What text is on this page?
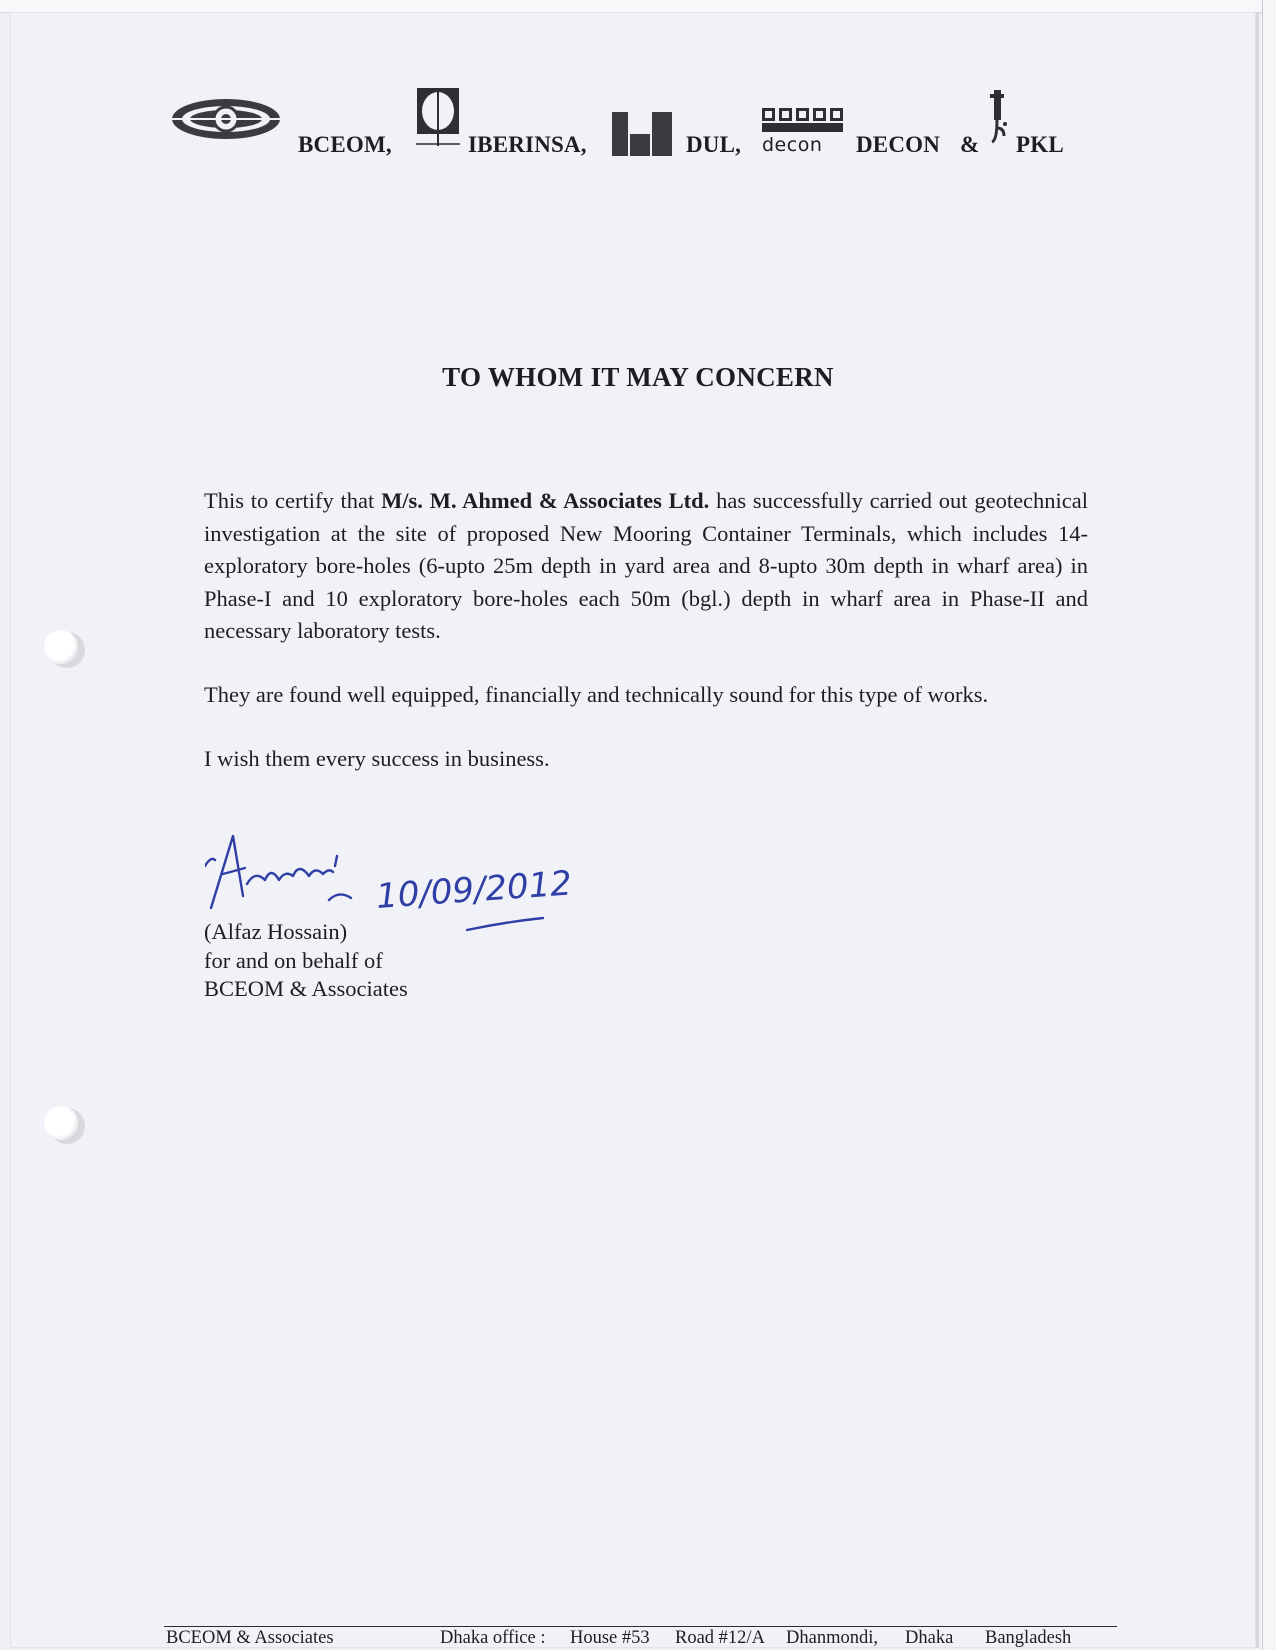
BCEOM,	IBERINSA,	DUL, decon DECON & PKL
TO WHOM IT MAY CONCERN
This to certify that M/s. M. Ahmed & Associates Ltd. has successfully carried out geotechnical investigation at the site of proposed New Mooring Container Terminals, which includes 14-exploratory bore-holes (6-upto 25m depth in yard area and 8-upto 30m depth in wharf area) in Phase-I and 10 exploratory bore-holes each 50m (bgl.) depth in wharf area in Phase-II and necessary laboratory tests.
They are found well equipped, financially and technically sound for this type of works.
I wish them every success in business.
10/09/2012
(Alfaz Hossain)
for and on behalf of
BCEOM & Associates
BCEOM & Associates	Dhaka office : House #53 Road #12/A Dhanmondi, Dhaka Bangladesh
